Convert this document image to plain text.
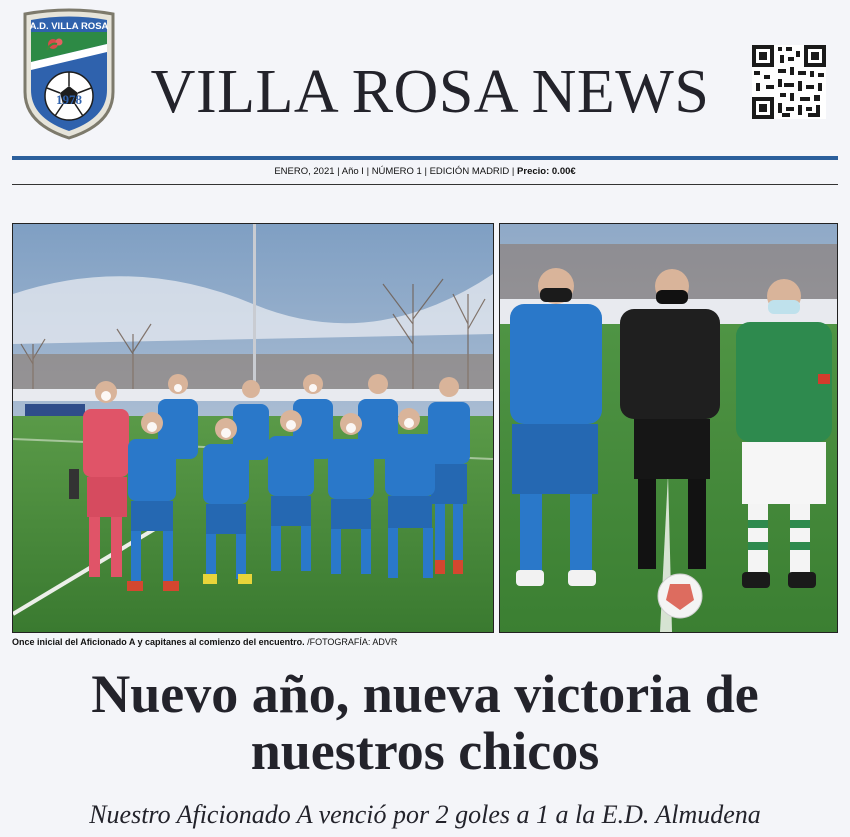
A.D. VILLA ROSA
1978	VILLA ROSA NEWS
ENERO, 2021 | Año I | NÚMERO 1 | EDICIÓN MADRID | Precio: 0.00€
Once inicial del Aficionado A y capitanes al comienzo del encuentro. /FOTOGRAFÍA: ADVR
Nuevo año, nueva victoria de nuestros chicos
Nuestro Aficionado A venció por 2 goles a 1 a la E.D. Almudena
